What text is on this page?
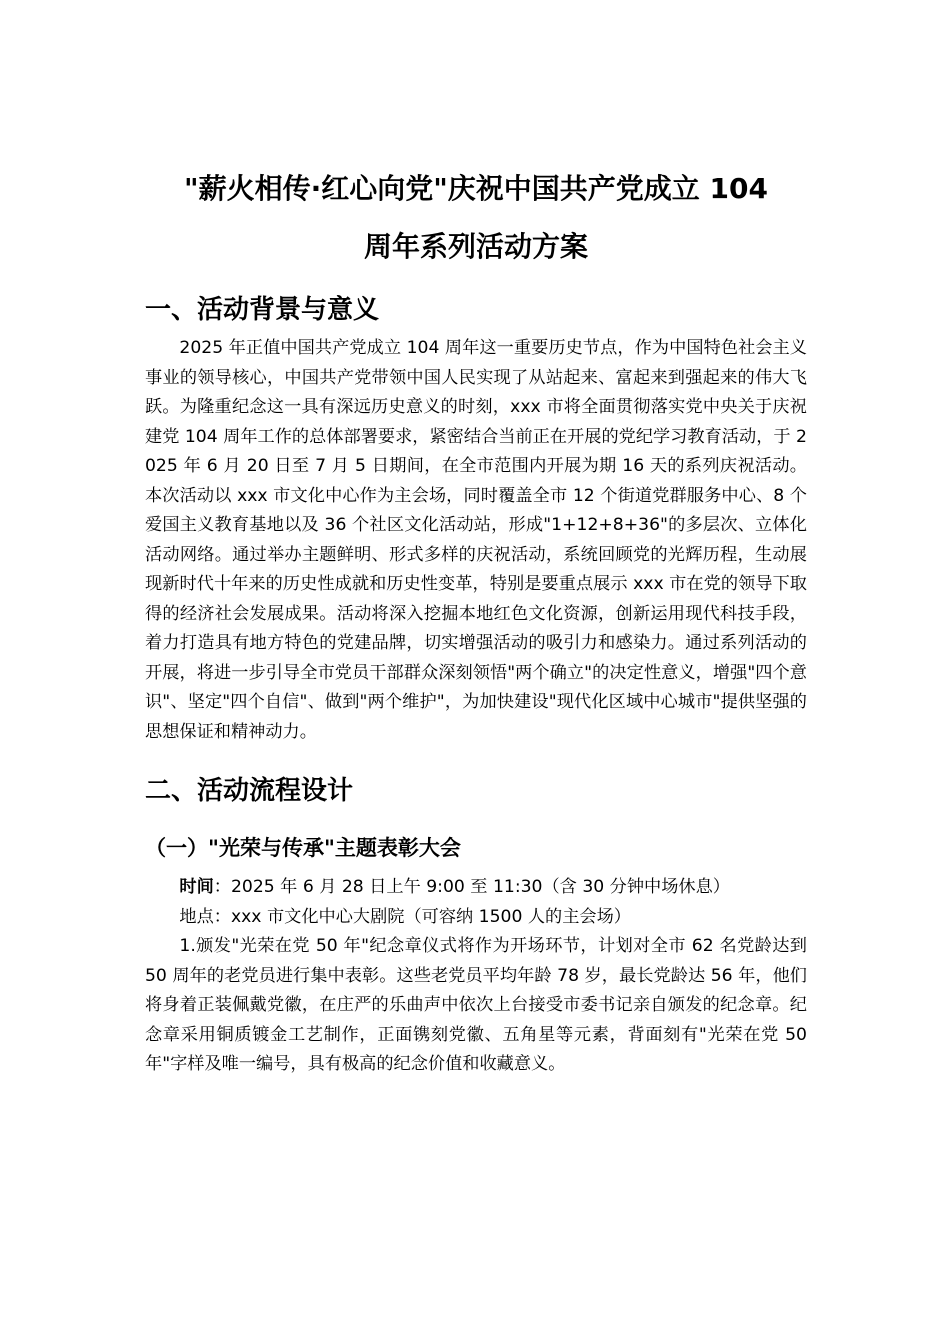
"薪火相传·红心向党"庆祝中国共产党成立 104
周年系列活动方案
一、活动背景与意义

2025 年正值中国共产党成立 104 周年这一重要历史节点，作为中国特色社会主义事业的领导核心，中国共产党带领中国人民实现了从站起来、富起来到强起来的伟大飞跃。为隆重纪念这一具有深远历史意义的时刻，xxx 市将全面贯彻落实党中央关于庆祝建党 104 周年工作的总体部署要求，紧密结合当前正在开展的党纪学习教育活动，于 2025 年 6 月 20 日至 7 月 5 日期间，在全市范围内开展为期 16 天的系列庆祝活动。本次活动以 xxx 市文化中心作为主会场，同时覆盖全市 12 个街道党群服务中心、8 个爱国主义教育基地以及 36 个社区文化活动站，形成"1+12+8+36"的多层次、立体化活动网络。通过举办主题鲜明、形式多样的庆祝活动，系统回顾党的光辉历程，生动展现新时代十年来的历史性成就和历史性变革，特别是要重点展示 xxx 市在党的领导下取得的经济社会发展成果。活动将深入挖掘本地红色文化资源，创新运用现代科技手段，着力打造具有地方特色的党建品牌，切实增强活动的吸引力和感染力。通过系列活动的开展，将进一步引导全市党员干部群众深刻领悟"两个确立"的决定性意义，增强"四个意识"、坚定"四个自信"、做到"两个维护"，为加快建设"现代化区域中心城市"提供坚强的思想保证和精神动力。

二、活动流程设计
（一）"光荣与传承"主题表彰大会

时间：2025 年 6 月 28 日上午 9:00 至 11:30（含 30 分钟中场休息）

地点：xxx 市文化中心大剧院（可容纳 1500 人的主会场）

1.颁发"光荣在党 50 年"纪念章仪式将作为开场环节，计划对全市 62 名党龄达到 50 周年的老党员进行集中表彰。这些老党员平均年龄 78 岁，最长党龄达 56 年，他们将身着正装佩戴党徽，在庄严的乐曲声中依次上台接受市委书记亲自颁发的纪念章。纪念章采用铜质镀金工艺制作，正面镌刻党徽、五角星等元素，背面刻有"光荣在党 50 年"字样及唯一编号，具有极高的纪念价值和收藏意义。
